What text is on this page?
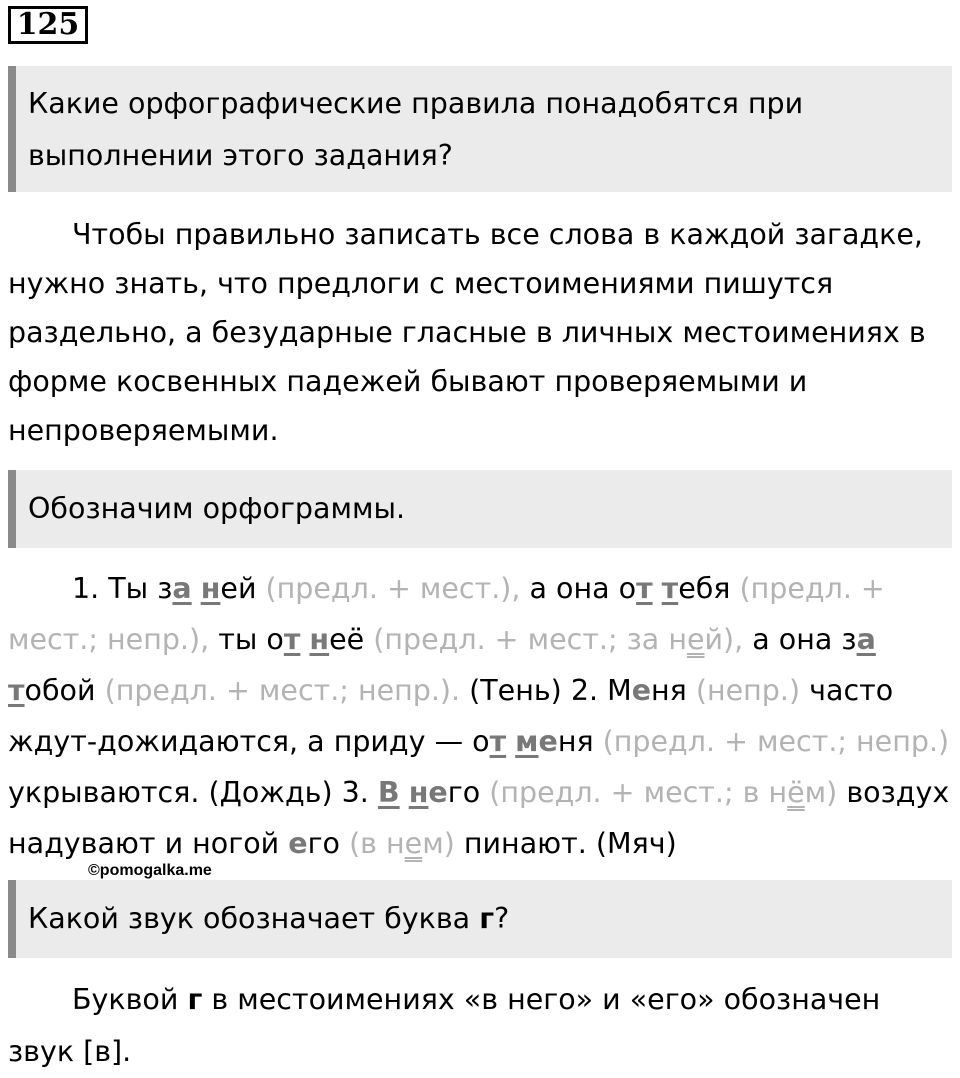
125
Какие орфографические правила понадобятся при выполнении этого задания?
Чтобы правильно записать все слова в каждой загадке, нужно знать, что предлоги с местоимениями пишутся раздельно, а безударные гласные в личных местоимениях в форме косвенных падежей бывают проверяемыми и непроверяемыми.
Обозначим орфограммы.
1. Ты за ней (предл. + мест.), а она от тебя (предл. + мест.; непр.), ты от неё (предл. + мест.; за ней), а она за тобой (предл. + мест.; непр.). (Тень) 2. Меня (непр.) часто ждут-дожидаются, а приду — от меня (предл. + мест.; непр.) укрываются. (Дождь) 3. В него (предл. + мест.; в нём) воздух надувают и ногой его (в нем) пинают. (Мяч)
©pomogalka.me
Какой звук обозначает буква г?
Буквой г в местоимениях «в него» и «его» обозначен звук [в].
